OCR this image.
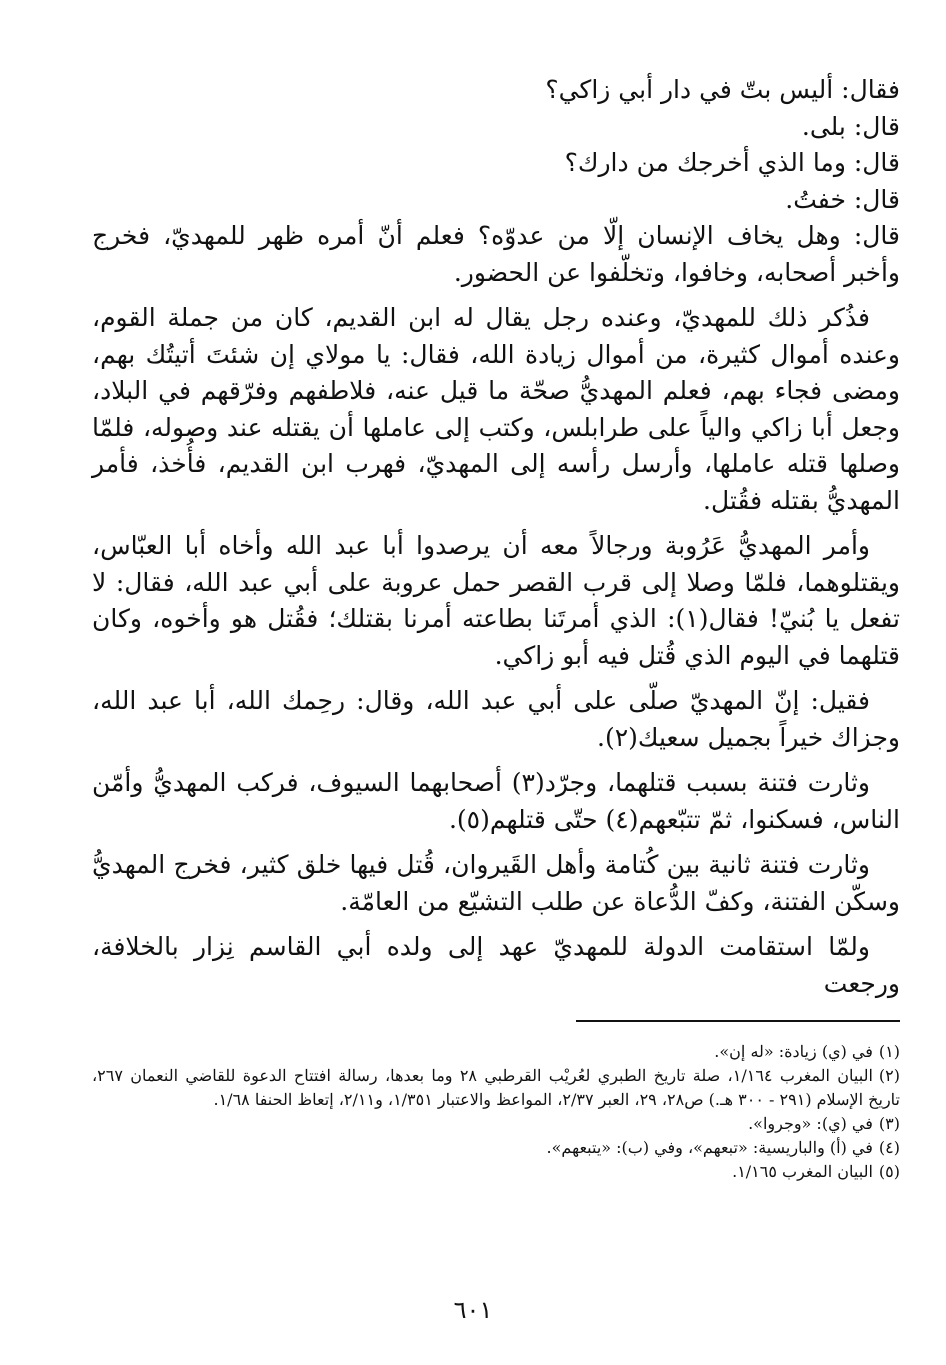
فقال: أليس بتّ في دار أبي زاكي؟

قال: بلى.

قال: وما الذي أخرجك من دارك؟

قال: خفتُ.

قال: وهل يخاف الإنسان إلّا من عدوّه؟ فعلم أنّ أمره ظهر للمهديّ، فخرج وأخبر أصحابه، وخافوا، وتخلّفوا عن الحضور.

فذُكر ذلك للمهديّ، وعنده رجل يقال له ابن القديم، كان من جملة القوم، وعنده أموال كثيرة، من أموال زيادة الله، فقال: يا مولاي إن شئتَ أتيتُك بهم، ومضى فجاء بهم، فعلم المهديُّ صحّة ما قيل عنه، فلاطفهم وفرّقهم في البلاد، وجعل أبا زاكي والياً على طرابلس، وكتب إلى عاملها أن يقتله عند وصوله، فلمّا وصلها قتله عاملها، وأرسل رأسه إلى المهديّ، فهرب ابن القديم، فأُخذ، فأمر المهديُّ بقتله فقُتل.

وأمر المهديُّ عَرُوبة ورجالاً معه أن يرصدوا أبا عبد الله وأخاه أبا العبّاس، ويقتلوهما، فلمّا وصلا إلى قرب القصر حمل عروبة على أبي عبد الله، فقال: لا تفعل يا بُنيّ! فقال(١): الذي أمرتَنا بطاعته أمرنا بقتلك؛ فقُتل هو وأخوه، وكان قتلهما في اليوم الذي قُتل فيه أبو زاكي.

فقيل: إنّ المهديّ صلّى على أبي عبد الله، وقال: رحِمك الله، أبا عبد الله، وجزاك خيراً بجميل سعيك(٢).

وثارت فتنة بسبب قتلهما، وجرّد(٣) أصحابهما السيوف، فركب المهديُّ وأمّن الناس، فسكنوا، ثمّ تتبّعهم(٤) حتّى قتلهم(٥).

وثارت فتنة ثانية بين كُتامة وأهل القَيروان، قُتل فيها خلق كثير، فخرج المهديُّ وسكّن الفتنة، وكفّ الدُّعاة عن طلب التشيّع من العامّة.

ولمّا استقامت الدولة للمهديّ عهد إلى ولده أبي القاسم نِزار بالخلافة، ورجعت

(١)في (ي) زيادة: «له إن».

(٢)البيان المغرب ١/١٦٤، صلة تاريخ الطبري لعُريْب القرطبي ٢٨ وما بعدها، رسالة افتتاح الدعوة للقاضي النعمان ٢٦٧، تاريخ الإسلام (٢٩١ - ٣٠٠ هـ.) ص٢٨، ٢٩، العبر ٢/٣٧، المواعظ والاعتبار ١/٣٥١، و٢/١١، إتعاظ الحنفا ١/٦٨.

(٣)في (ي): «وجروا».

(٤)في (أ) والباريسية: «تبعهم»، وفي (ب): «يتبعهم».

(٥)البيان المغرب ١/١٦٥.

٦٠١
